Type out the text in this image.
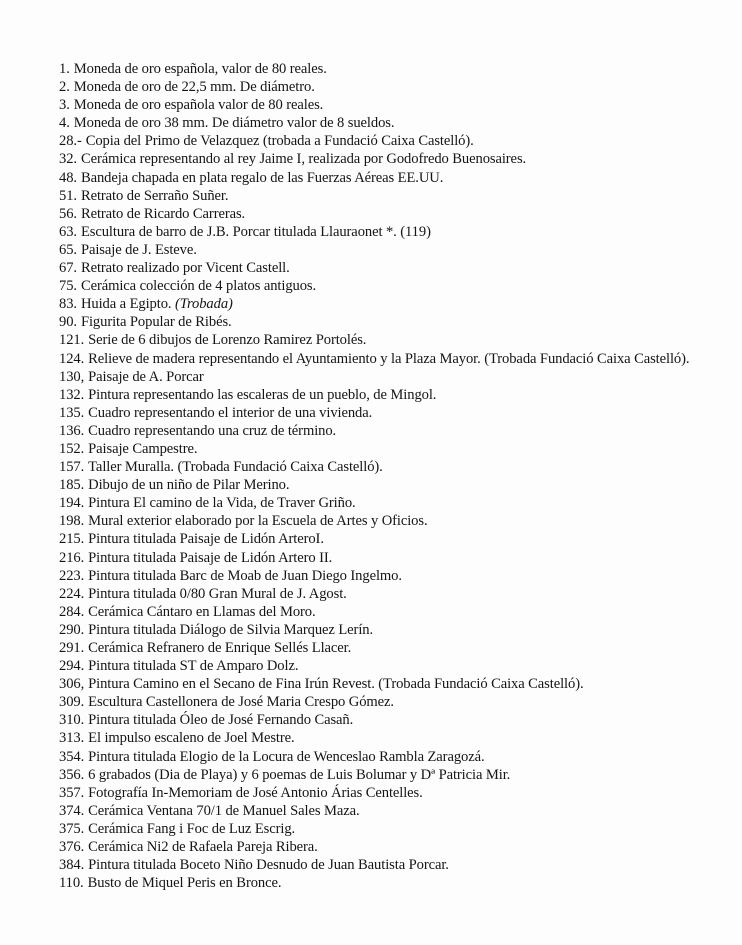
1. Moneda de oro española, valor de 80 reales.
2. Moneda de oro de 22,5 mm. De diámetro.
3. Moneda de oro española valor de 80 reales.
4. Moneda de oro 38 mm. De diámetro valor de 8 sueldos.
28.- Copia del Primo de Velazquez (trobada a Fundació Caixa Castelló).
32. Cerámica representando al rey Jaime I, realizada por Godofredo Buenosaires.
48. Bandeja chapada en plata regalo de las Fuerzas Aéreas EE.UU.
51. Retrato de Serraño Suñer.
56. Retrato de Ricardo Carreras.
63. Escultura de barro de J.B. Porcar titulada Llauraonet *. (119)
65. Paisaje de J. Esteve.
67. Retrato realizado por Vicent Castell.
75. Cerámica colección de 4 platos antiguos.
83. Huida a Egipto. (Trobada)
90. Figurita Popular de Ribés.
121. Serie de 6 dibujos de Lorenzo Ramirez Portolés.
124. Relieve de madera representando el Ayuntamiento y la Plaza Mayor. (Trobada Fundació Caixa Castelló).
130, Paisaje de A. Porcar
132. Pintura representando las escaleras de un pueblo, de Mingol.
135. Cuadro representando el interior de una vivienda.
136. Cuadro representando una cruz de término.
152. Paisaje Campestre.
157. Taller Muralla. (Trobada Fundació Caixa Castelló).
185. Dibujo de un niño de Pilar Merino.
194. Pintura El camino de la Vida, de Traver Griño.
198. Mural exterior elaborado por la Escuela de Artes y Oficios.
215. Pintura titulada Paisaje de Lidón ArteroI.
216. Pintura titulada Paisaje de Lidón Artero II.
223. Pintura titulada Barc de Moab de Juan Diego Ingelmo.
224. Pintura titulada 0/80 Gran Mural de J. Agost.
284. Cerámica Cántaro en Llamas del Moro.
290. Pintura titulada Diálogo de Silvia Marquez Lerín.
291. Cerámica Refranero de Enrique Sellés Llacer.
294. Pintura titulada ST de Amparo Dolz.
306, Pintura Camino en el Secano de Fina Irún Revest. (Trobada Fundació Caixa Castelló).
309. Escultura Castellonera de José Maria Crespo Gómez.
310. Pintura titulada Óleo de José Fernando Casañ.
313. El impulso escaleno de Joel Mestre.
354. Pintura titulada Elogio de la Locura de Wenceslao Rambla Zaragozá.
356. 6 grabados (Dia de Playa) y 6 poemas de Luis Bolumar y Dª Patricia Mir.
357. Fotografía In-Memoriam de José Antonio Árias Centelles.
374. Cerámica Ventana 70/1 de Manuel Sales Maza.
375. Cerámica Fang i Foc de Luz Escrig.
376. Cerámica Ni2 de Rafaela Pareja Ribera.
384. Pintura titulada Boceto Niño Desnudo de Juan Bautista Porcar.
110. Busto de Miquel Peris en Bronce.
